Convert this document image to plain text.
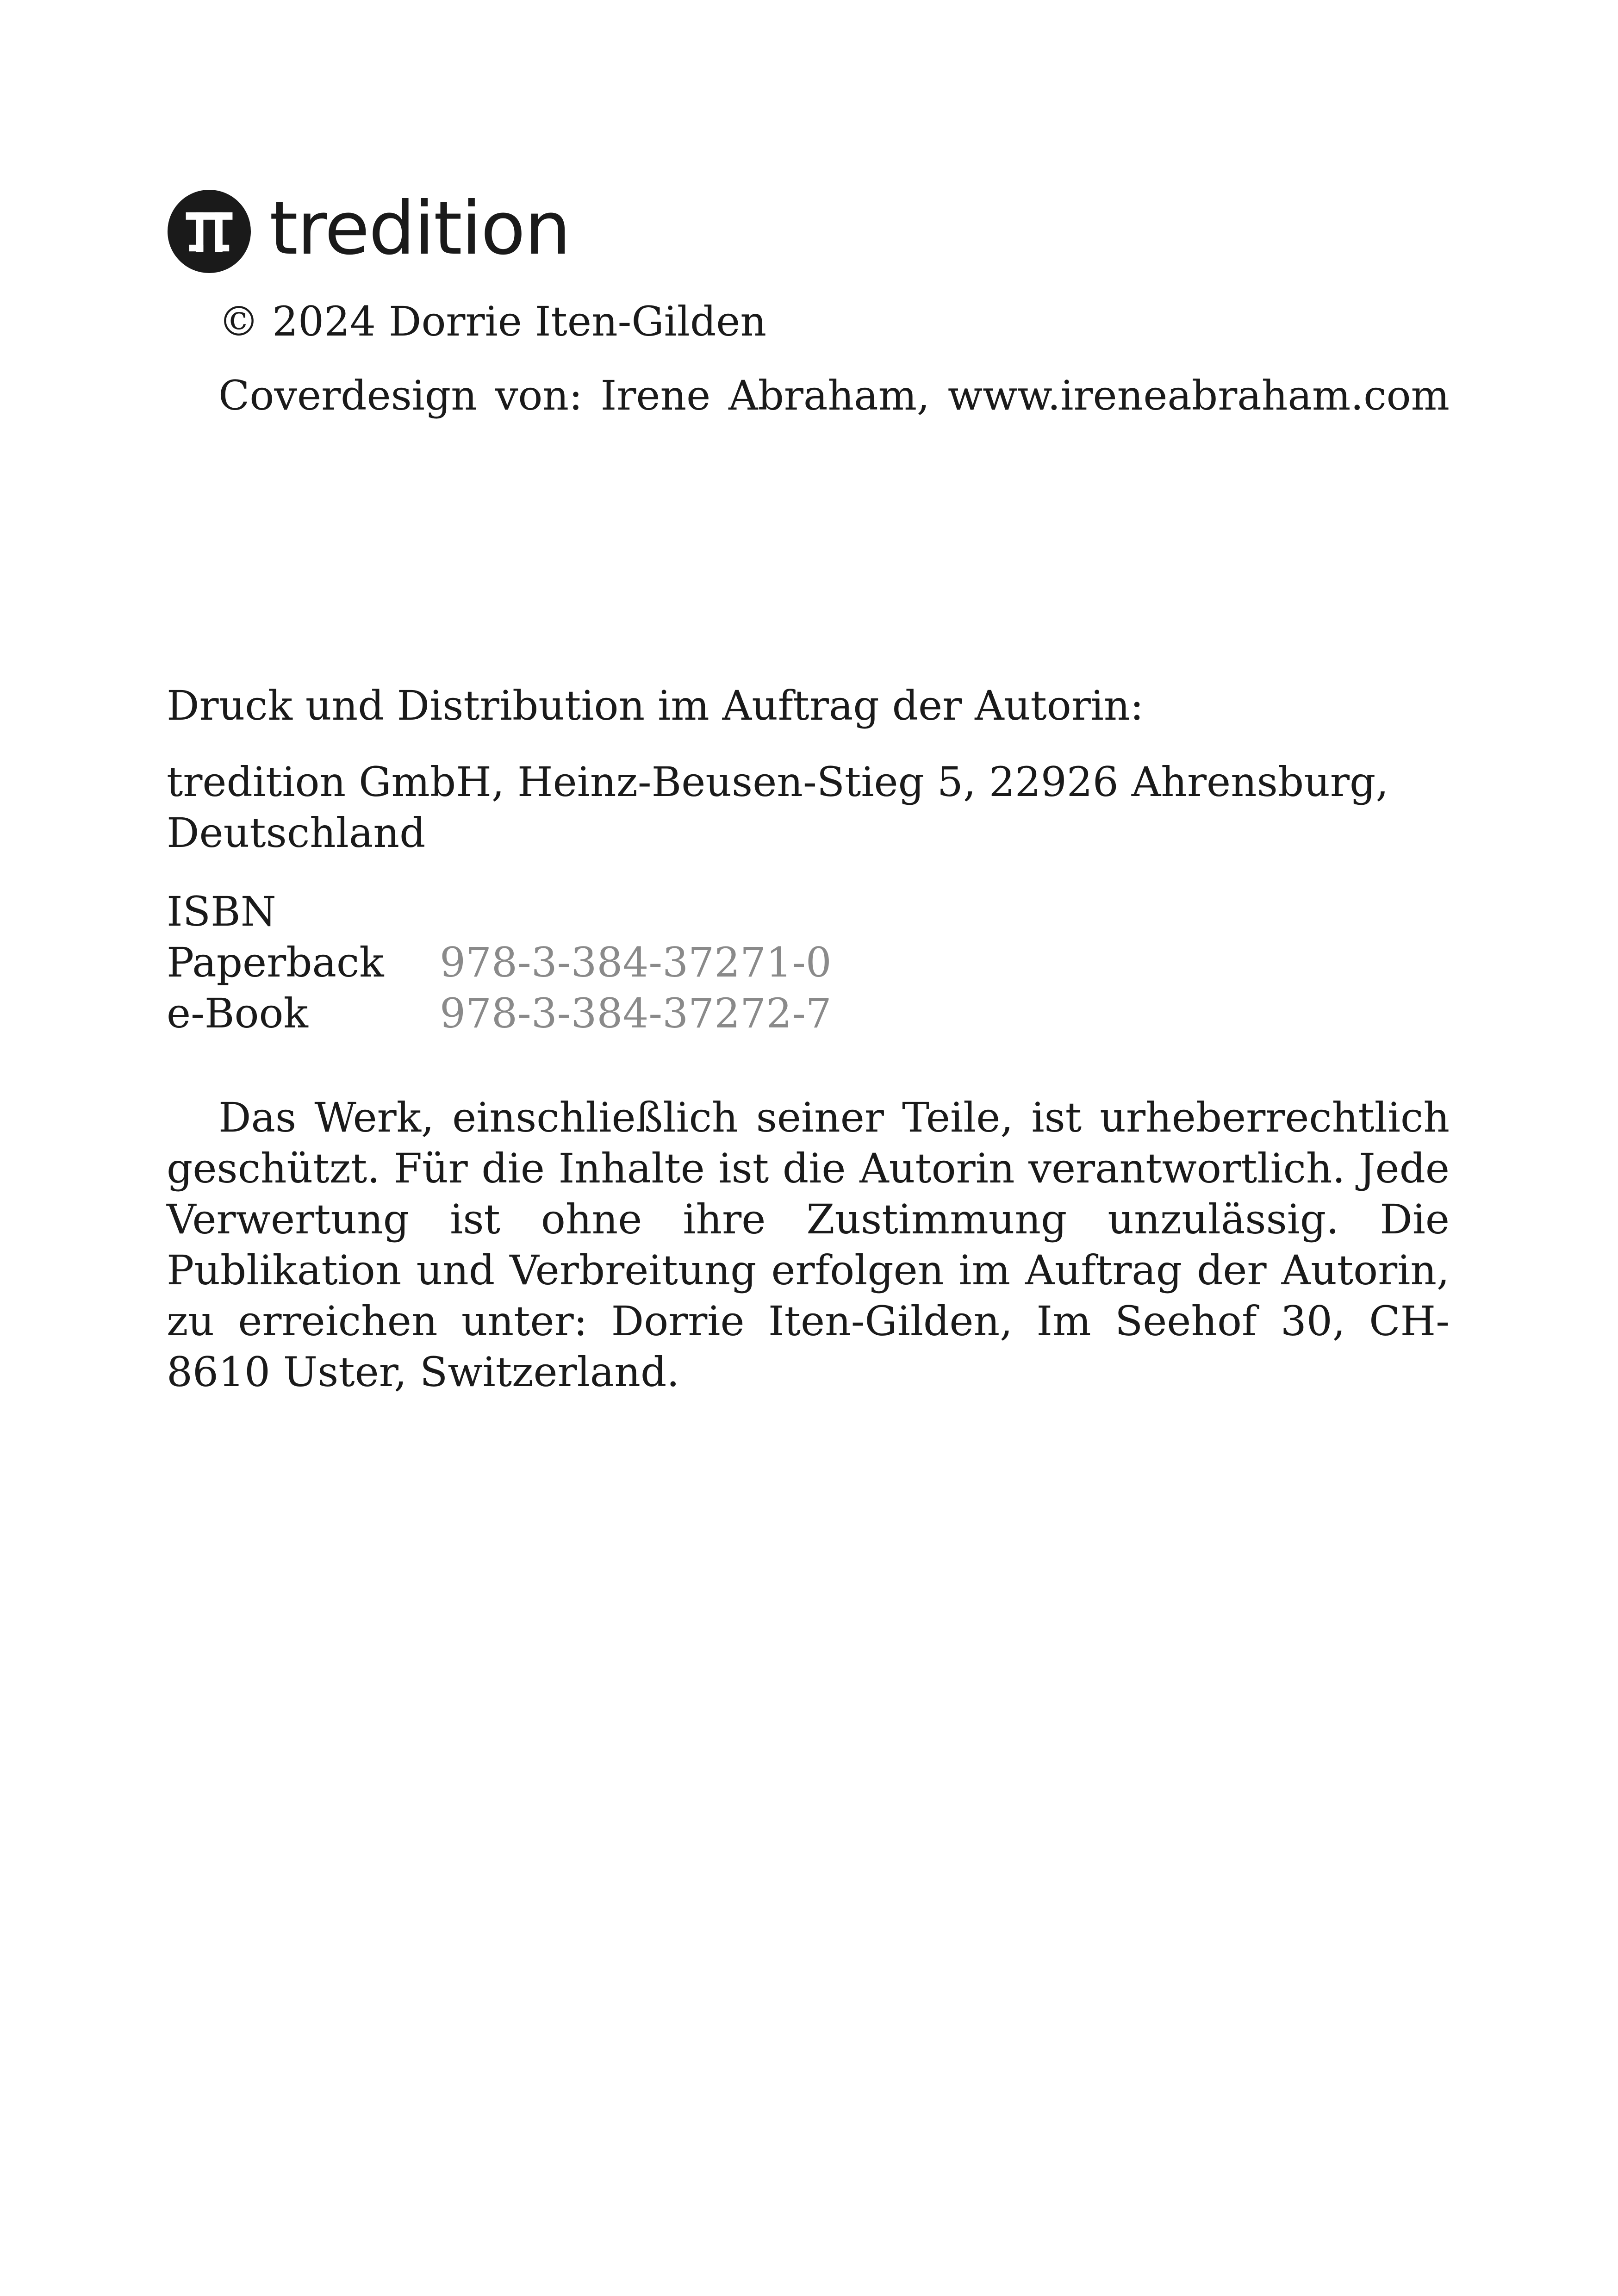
tredition

© 2024 Dorrie Iten-Gilden

Coverdesign von: Irene Abraham, www.ireneabraham.com

Druck und Distribution im Auftrag der Autorin:

tredition GmbH, Heinz-Beusen-Stieg 5, 22926 Ahrensburg, Deutschland

ISBN
Paperback	978-3-384-37271-0
e-Book	978-3-384-37272-7

Das Werk, einschließlich seiner Teile, ist urheberrechtlich geschützt. Für die Inhalte ist die Autorin verantwortlich. Jede Verwertung ist ohne ihre Zustimmung unzulässig. Die Publikation und Verbreitung erfolgen im Auftrag der Autorin, zu erreichen unter: Dorrie Iten-Gilden, Im Seehof 30, CH-8610 Uster, Switzerland.
